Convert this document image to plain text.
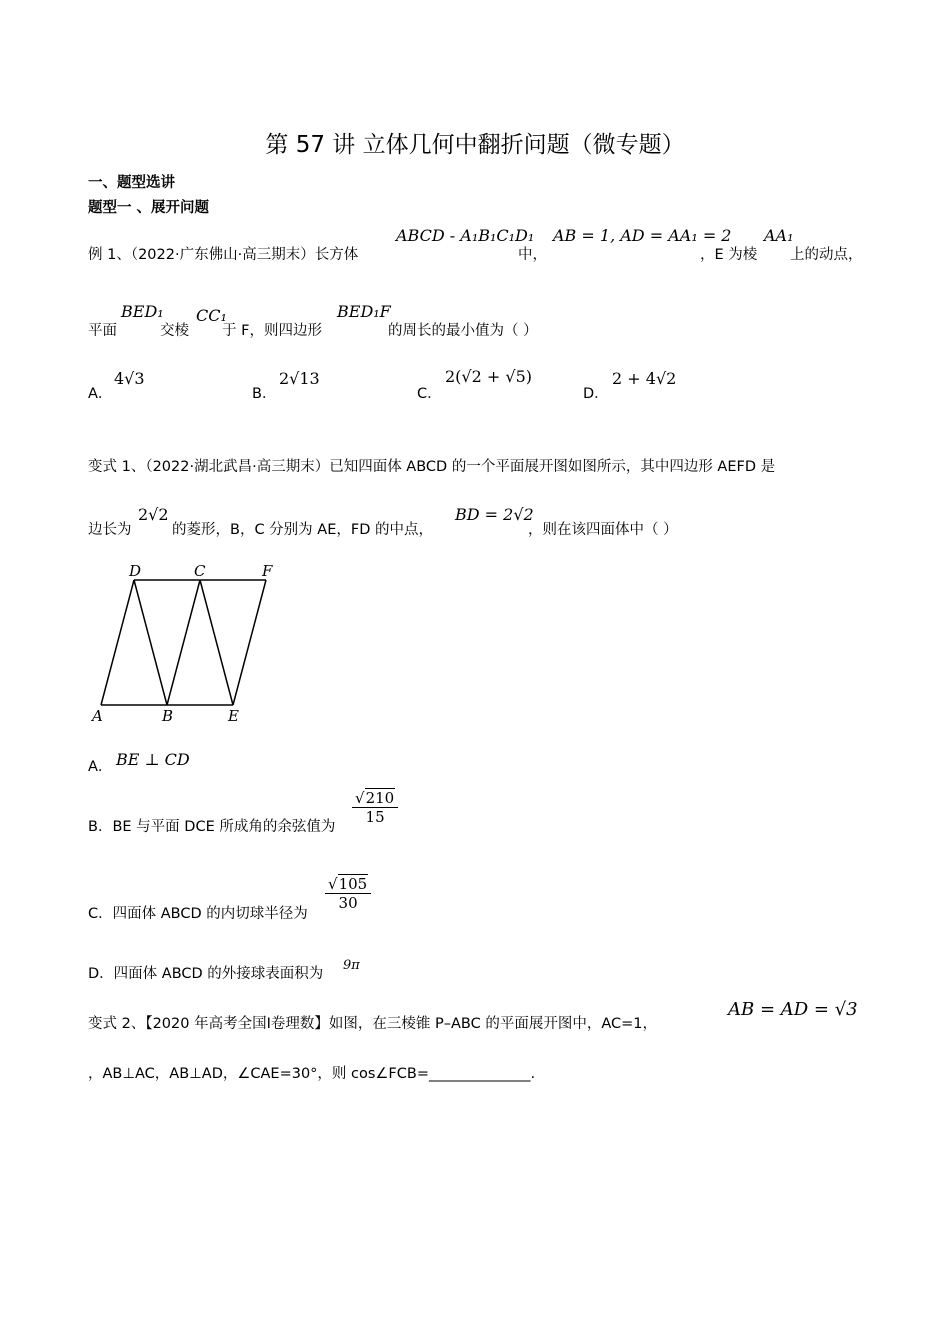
第 57 讲 立体几何中翻折问题（微专题）
一、题型选讲
题型一 、展开问题
例 1、（2022·广东佛山·高三期末）长方体
ABCD - A₁B₁C₁D₁
中，
AB = 1, AD = AA₁ = 2
，E 为棱
AA₁
上的动点，
平面
BED₁
交棱
CC₁
于 F，则四边形
BED₁F
的周长的最小值为（ ）
A．
4√3
B．
2√13
C．
2(√2 + √5)
D．
2 + 4√2
变式 1、（2022·湖北武昌·高三期末）已知四面体 ABCD 的一个平面展开图如图所示，其中四边形 AEFD 是
边长为
2√2
的菱形，B，C 分别为 AE，FD 的中点，
BD = 2√2
，则在该四面体中（ ）
D	C	F
A	B	E
A． BE ⊥ CD
B．BE 与平面 DCE 所成角的余弦值为
$\frac{√210}{15}$
C．四面体 ABCD 的内切球半径为
$\frac{√105}{30}$
D．四面体 ABCD 的外接球表面积为
9π
变式 2、【2020 年高考全国Ⅰ卷理数】如图，在三棱锥 P–ABC 的平面展开图中，AC=1，
AB = AD = √3
，AB⊥AC，AB⊥AD，∠CAE=30°，则 cos∠FCB=______________.
